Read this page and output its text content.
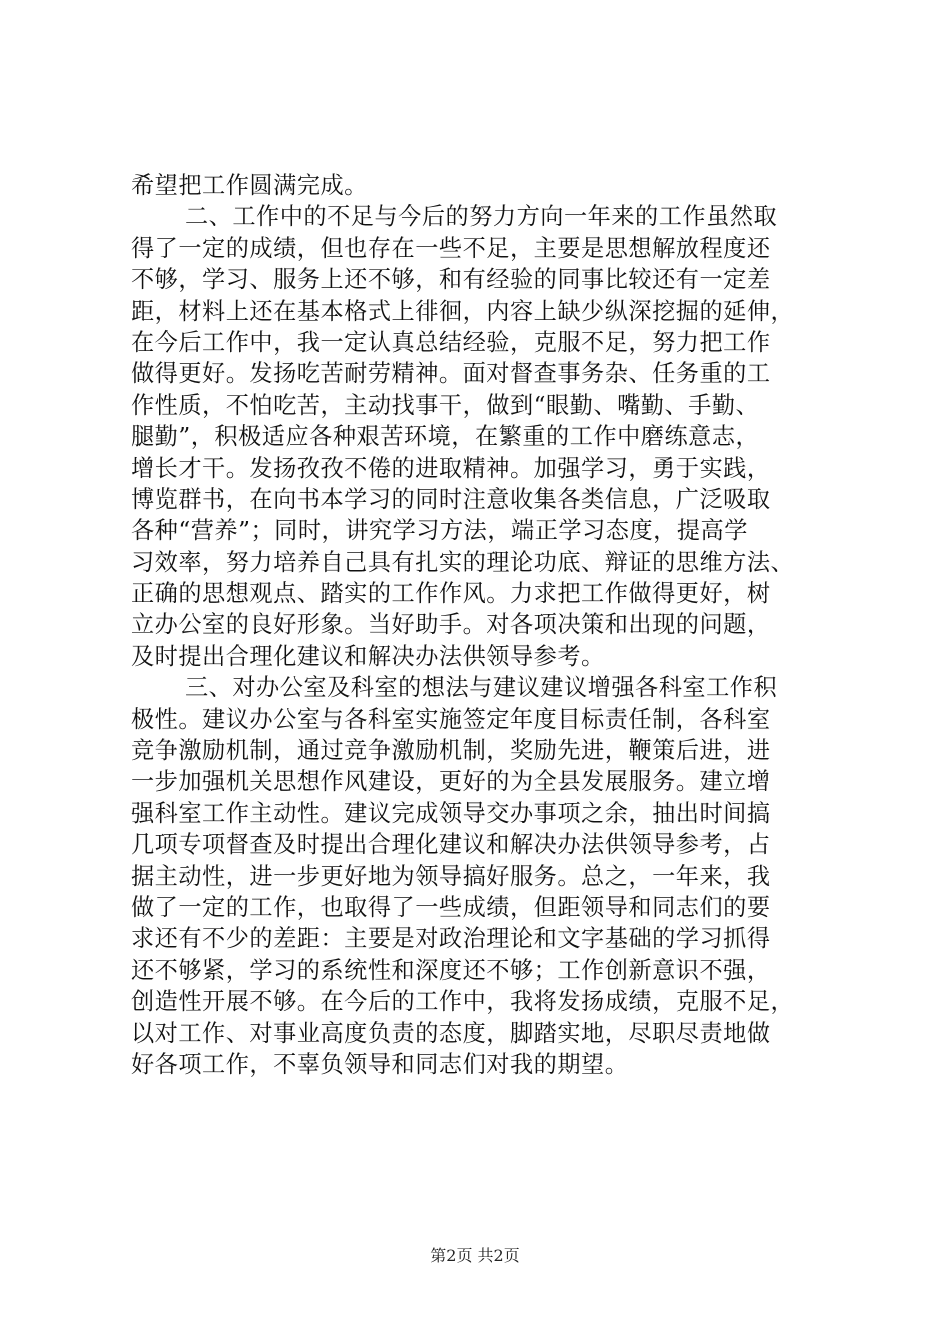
希望把工作圆满完成。
二、工作中的不足与今后的努力方向一年来的工作虽然取
得了一定的成绩，但也存在一些不足，主要是思想解放程度还
不够，学习、服务上还不够，和有经验的同事比较还有一定差
距，材料上还在基本格式上徘徊，内容上缺少纵深挖掘的延伸，
在今后工作中，我一定认真总结经验，克服不足，努力把工作
做得更好。发扬吃苦耐劳精神。面对督查事务杂、任务重的工
作性质，不怕吃苦，主动找事干，做到“眼勤、嘴勤、手勤、
腿勤”，积极适应各种艰苦环境，在繁重的工作中磨练意志，
增长才干。发扬孜孜不倦的进取精神。加强学习，勇于实践，
博览群书，在向书本学习的同时注意收集各类信息，广泛吸取
各种“营养”；同时，讲究学习方法，端正学习态度，提高学
习效率，努力培养自己具有扎实的理论功底、辩证的思维方法、
正确的思想观点、踏实的工作作风。力求把工作做得更好，树
立办公室的良好形象。当好助手。对各项决策和出现的问题，
及时提出合理化建议和解决办法供领导参考。
三、对办公室及科室的想法与建议建议增强各科室工作积
极性。建议办公室与各科室实施签定年度目标责任制，各科室
竞争激励机制，通过竞争激励机制，奖励先进，鞭策后进，进
一步加强机关思想作风建设，更好的为全县发展服务。建立增
强科室工作主动性。建议完成领导交办事项之余，抽出时间搞
几项专项督查及时提出合理化建议和解决办法供领导参考，占
据主动性，进一步更好地为领导搞好服务。总之，一年来，我
做了一定的工作，也取得了一些成绩，但距领导和同志们的要
求还有不少的差距：主要是对政治理论和文字基础的学习抓得
还不够紧，学习的系统性和深度还不够；工作创新意识不强，
创造性开展不够。在今后的工作中，我将发扬成绩，克服不足，
以对工作、对事业高度负责的态度，脚踏实地，尽职尽责地做
好各项工作，不辜负领导和同志们对我的期望。
第2页 共2页
